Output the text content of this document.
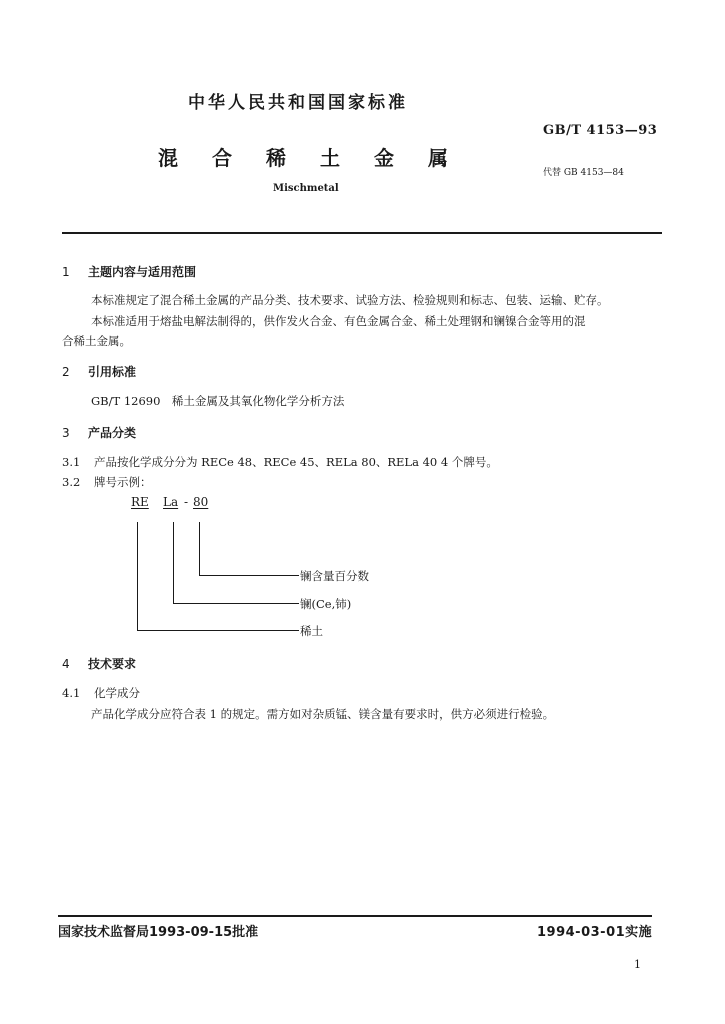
中华人民共和国国家标准
GB/T 4153—93
混合稀土金属
代替 GB 4153—84
Mischmetal
1 主题内容与适用范围
本标准规定了混合稀土金属的产品分类、技术要求、试验方法、检验规则和标志、包装、运输、贮存。
本标准适用于熔盐电解法制得的，供作发火合金、有色金属合金、稀土处理钢和镧镍合金等用的混
合稀土金属。
2 引用标准
GB/T 12690　稀土金属及其氧化物化学分析方法
3 产品分类
3.1 产品按化学成分分为 RECe 48、RECe 45、RELa 80、RELa 40 4 个牌号。
3.2 牌号示例：
RE La - 80
镧含量百分数
镧(Ce,铈)
稀土
4 技术要求
4.1 化学成分
产品化学成分应符合表 1 的规定。需方如对杂质锰、镁含量有要求时，供方必须进行检验。
国家技术监督局1993-09-15批准	1994-03-01实施
1
